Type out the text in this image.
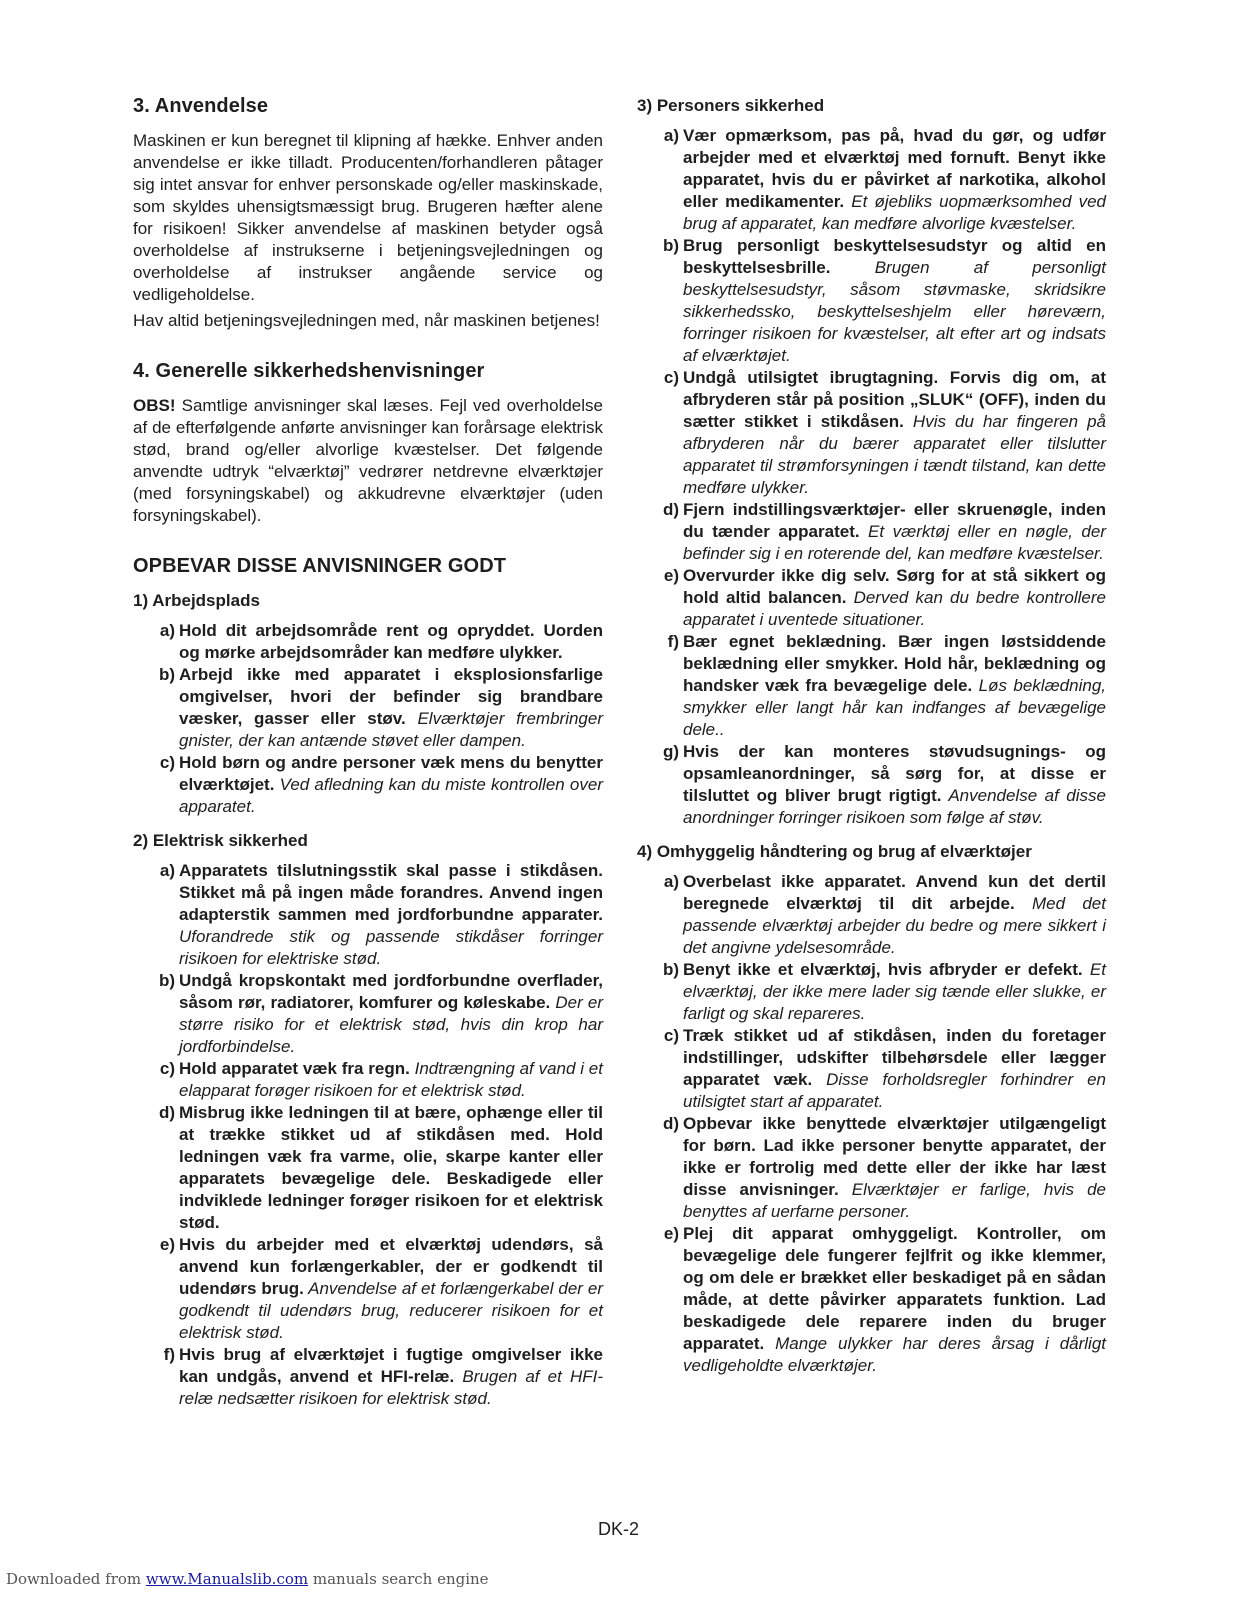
3. Anvendelse

Maskinen er kun beregnet til klipning af hække. Enhver anden anvendelse er ikke tilladt. Producenten/forhandleren påtager sig intet ansvar for enhver personskade og/eller maskinskade, som skyldes uhensigtsmæssigt brug. Brugeren hæfter alene for risikoen! Sikker anvendelse af maskinen betyder også overholdelse af instrukserne i betjeningsvejledningen og overholdelse af instrukser angående service og vedligeholdelse.

Hav altid betjeningsvejledningen med, når maskinen betjenes!

4. Generelle sikkerhedshenvisninger

OBS! Samtlige anvisninger skal læses. Fejl ved overholdelse af de efterfølgende anførte anvisninger kan forårsage elektrisk stød, brand og/eller alvorlige kvæstelser. Det følgende anvendte udtryk “elværktøj” vedrører netdrevne elværktøjer (med forsyningskabel) og akkudrevne elværktøjer (uden forsyningskabel).

OPBEVAR DISSE ANVISNINGER GODT
1) Arbejdsplads
a) Hold dit arbejdsområde rent og opryddet. Uorden og mørke arbejdsområder kan medføre ulykker.
b) Arbejd ikke med apparatet i eksplosionsfarlige omgivelser, hvori der befinder sig brandbare væsker, gasser eller støv. Elværktøjer frembringer gnister, der kan antænde støvet eller dampen.
c) Hold børn og andre personer væk mens du benytter elværktøjet. Ved afledning kan du miste kontrollen over apparatet.
2) Elektrisk sikkerhed
a) Apparatets tilslutningsstik skal passe i stikdåsen. Stikket må på ingen måde forandres. Anvend ingen adapterstik sammen med jordforbundne apparater. Uforandrede stik og passende stikdåser forringer risikoen for elektriske stød.
b) Undgå kropskontakt med jordforbundne overflader, såsom rør, radiatorer, komfurer og køleskabe. Der er større risiko for et elektrisk stød, hvis din krop har jordforbindelse.
c) Hold apparatet væk fra regn. Indtrængning af vand i et elapparat forøger risikoen for et elektrisk stød.
d) Misbrug ikke ledningen til at bære, ophænge eller til at trække stikket ud af stikdåsen med. Hold ledningen væk fra varme, olie, skarpe kanter eller apparatets bevægelige dele. Beskadigede eller indviklede ledninger forøger risikoen for et elektrisk stød.
e) Hvis du arbejder med et elværktøj udendørs, så anvend kun forlængerkabler, der er godkendt til udendørs brug. Anvendelse af et forlængerkabel der er godkendt til udendørs brug, reducerer risikoen for et elektrisk stød.
f) Hvis brug af elværktøjet i fugtige omgivelser ikke kan undgås, anvend et HFI-relæ. Brugen af et HFI-relæ nedsætter risikoen for elektrisk stød.
3) Personers sikkerhed
a) Vær opmærksom, pas på, hvad du gør, og udfør arbejder med et elværktøj med fornuft. Benyt ikke apparatet, hvis du er påvirket af narkotika, alkohol eller medikamenter. Et øjebliks uopmærksomhed ved brug af apparatet, kan medføre alvorlige kvæstelser.
b) Brug personligt beskyttelsesudstyr og altid en beskyttelsesbrille. Brugen af personligt beskyttelsesudstyr, såsom støvmaske, skridsikre sikkerhedssko, beskyttelseshjelm eller høreværn, forringer risikoen for kvæstelser, alt efter art og indsats af elværktøjet.
c) Undgå utilsigtet ibrugtagning. Forvis dig om, at afbryderen står på position „SLUK“ (OFF), inden du sætter stikket i stikdåsen. Hvis du har fingeren på afbryderen når du bærer apparatet eller tilslutter apparatet til strømforsyningen i tændt tilstand, kan dette medføre ulykker.
d) Fjern indstillingsværktøjer- eller skruenøgle, inden du tænder apparatet. Et værktøj eller en nøgle, der befinder sig i en roterende del, kan medføre kvæstelser.
e) Overvurder ikke dig selv. Sørg for at stå sikkert og hold altid balancen. Derved kan du bedre kontrollere apparatet i uventede situationer.
f) Bær egnet beklædning. Bær ingen løstsiddende beklædning eller smykker. Hold hår, beklædning og handsker væk fra bevægelige dele. Løs beklædning, smykker eller langt hår kan indfanges af bevægelige dele..
g) Hvis der kan monteres støvudsugnings- og opsamleanordninger, så sørg for, at disse er tilsluttet og bliver brugt rigtigt. Anvendelse af disse anordninger forringer risikoen som følge af støv.
4) Omhyggelig håndtering og brug af elværktøjer
a) Overbelast ikke apparatet. Anvend kun det dertil beregnede elværktøj til dit arbejde. Med det passende elværktøj arbejder du bedre og mere sikkert i det angivne ydelsesområde.
b) Benyt ikke et elværktøj, hvis afbryder er defekt. Et elværktøj, der ikke mere lader sig tænde eller slukke, er farligt og skal repareres.
c) Træk stikket ud af stikdåsen, inden du foretager indstillinger, udskifter tilbehørsdele eller lægger apparatet væk. Disse forholdsregler forhindrer en utilsigtet start af apparatet.
d) Opbevar ikke benyttede elværktøjer utilgængeligt for børn. Lad ikke personer benytte apparatet, der ikke er fortrolig med dette eller der ikke har læst disse anvisninger. Elværktøjer er farlige, hvis de benyttes af uerfarne personer.
e) Plej dit apparat omhyggeligt. Kontroller, om bevægelige dele fungerer fejlfrit og ikke klemmer, og om dele er brækket eller beskadiget på en sådan måde, at dette påvirker apparatets funktion. Lad beskadigede dele reparere inden du bruger apparatet. Mange ulykker har deres årsag i dårligt vedligeholdte elværktøjer.
DK-2
Downloaded from www.Manualslib.com manuals search engine
